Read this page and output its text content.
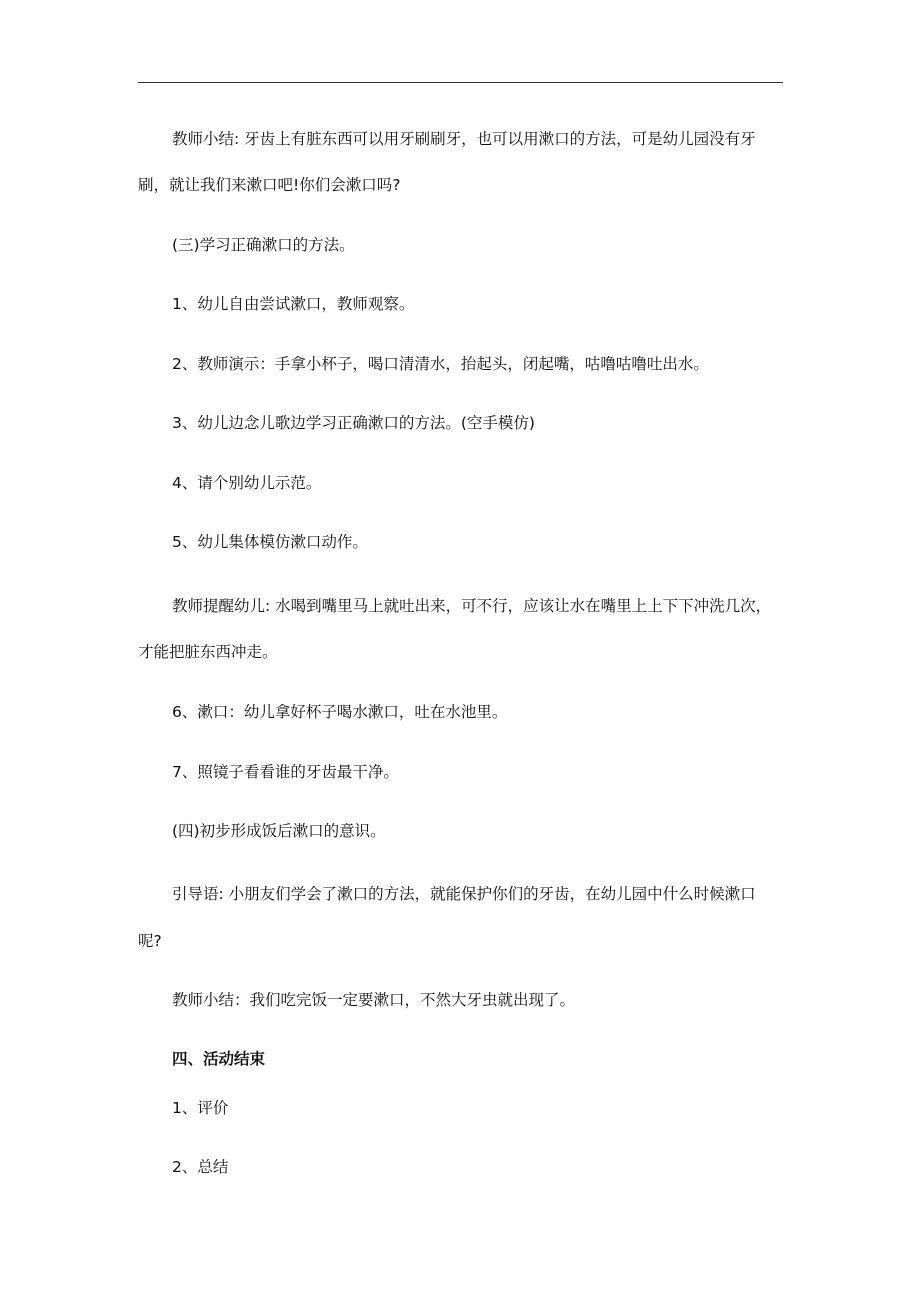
教师小结: 牙齿上有脏东西可以用牙刷刷牙，也可以用漱口的方法，可是幼儿园没有牙
刷，就让我们来漱口吧!你们会漱口吗?
(三)学习正确漱口的方法。
1、幼儿自由尝试漱口，教师观察。
2、教师演示：手拿小杯子，喝口清清水，抬起头，闭起嘴，咕噜咕噜吐出水。
3、幼儿边念儿歌边学习正确漱口的方法。(空手模仿)
4、请个别幼儿示范。
5、幼儿集体模仿漱口动作。
教师提醒幼儿: 水喝到嘴里马上就吐出来，可不行，应该让水在嘴里上上下下冲洗几次，
才能把脏东西冲走。
6、漱口：幼儿拿好杯子喝水漱口，吐在水池里。
7、照镜子看看谁的牙齿最干净。
(四)初步形成饭后漱口的意识。
引导语: 小朋友们学会了漱口的方法，就能保护你们的牙齿，在幼儿园中什么时候漱口
呢?
教师小结：我们吃完饭一定要漱口，不然大牙虫就出现了。
四、活动结束
1、评价
2、总结
